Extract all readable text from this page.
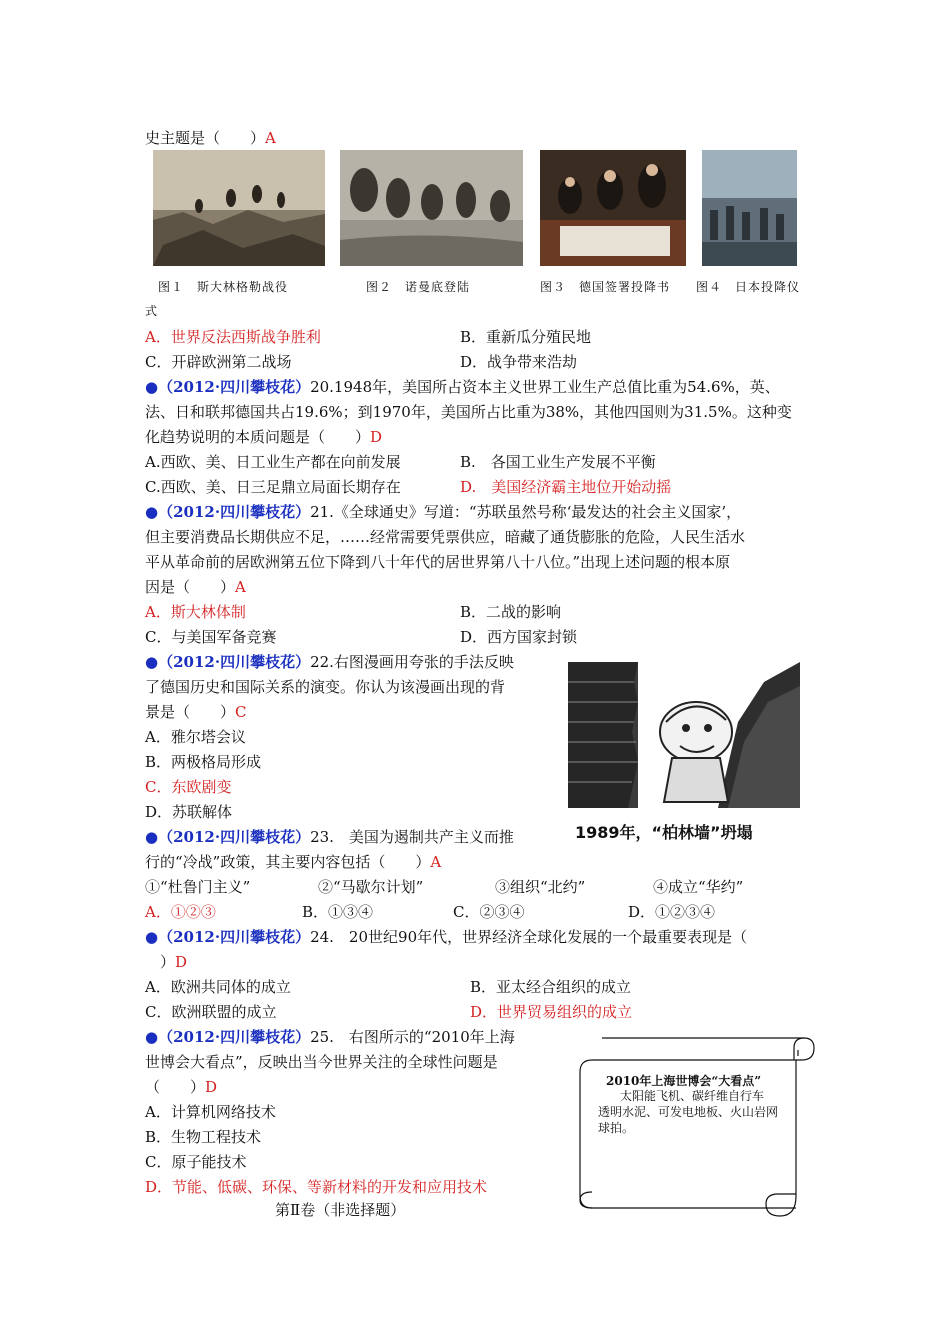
史主题是（　　）A
图１　斯大林格勒战役	图２　诺曼底登陆	图３　德国签署投降书 图４　日本投降仪
式
A．世界反法西斯战争胜利	B．重新瓜分殖民地
C．开辟欧洲第二战场	D．战争带来浩劫
●（2012·四川攀枝花）20.1948年，美国所占资本主义世界工业生产总值比重为54.6%，英、
法、日和联邦德国共占19.6%；到1970年，美国所占比重为38%，其他四国则为31.5%。这种变
化趋势说明的本质问题是（　　）D
A.西欧、美、日工业生产都在向前发展	B.　各国工业生产发展不平衡
C.西欧、美、日三足鼎立局面长期存在	D.　美国经济霸主地位开始动摇
●（2012·四川攀枝花）21.《全球通史》写道：“苏联虽然号称‘最发达的社会主义国家’，
但主要消费品长期供应不足，……经常需要凭票供应，暗藏了通货膨胀的危险，人民生活水
平从革命前的居欧洲第五位下降到八十年代的居世界第八十八位。”出现上述问题的根本原
因是（　　）A
A．斯大林体制	B．二战的影响
C．与美国军备竞赛	D．西方国家封锁
●（2012·四川攀枝花）22.右图漫画用夸张的手法反映
了德国历史和国际关系的演变。你认为该漫画出现的背
景是（　　）C
A．雅尔塔会议
B．两极格局形成
C．东欧剧变
D．苏联解体
1989年，“柏林墙”坍塌
●（2012·四川攀枝花）23.　美国为遏制共产主义而推
行的“冷战”政策，其主要内容包括（　　）A
①“杜鲁门主义”	②“马歇尔计划”	③组织“北约”	④成立“华约”
A．①②③	B．①③④	C．②③④	D．①②③④
●（2012·四川攀枝花）24.　20世纪90年代，世界经济全球化发展的一个最重要表现是（
　）D
A．欧洲共同体的成立	B．亚太经合组织的成立
C．欧洲联盟的成立	D．世界贸易组织的成立
●（2012·四川攀枝花）25.　右图所示的“2010年上海
世博会大看点”，反映出当今世界关注的全球性问题是
（　　）D
A．计算机网络技术
B．生物工程技术
C．原子能技术
D．节能、低碳、环保、等新材料的开发和应用技术
2010年上海世博会“大看点”
太阳能飞机、碳纤维自行车
透明水泥、可发电地板、火山岩网
球拍。
第Ⅱ卷（非选择题）
